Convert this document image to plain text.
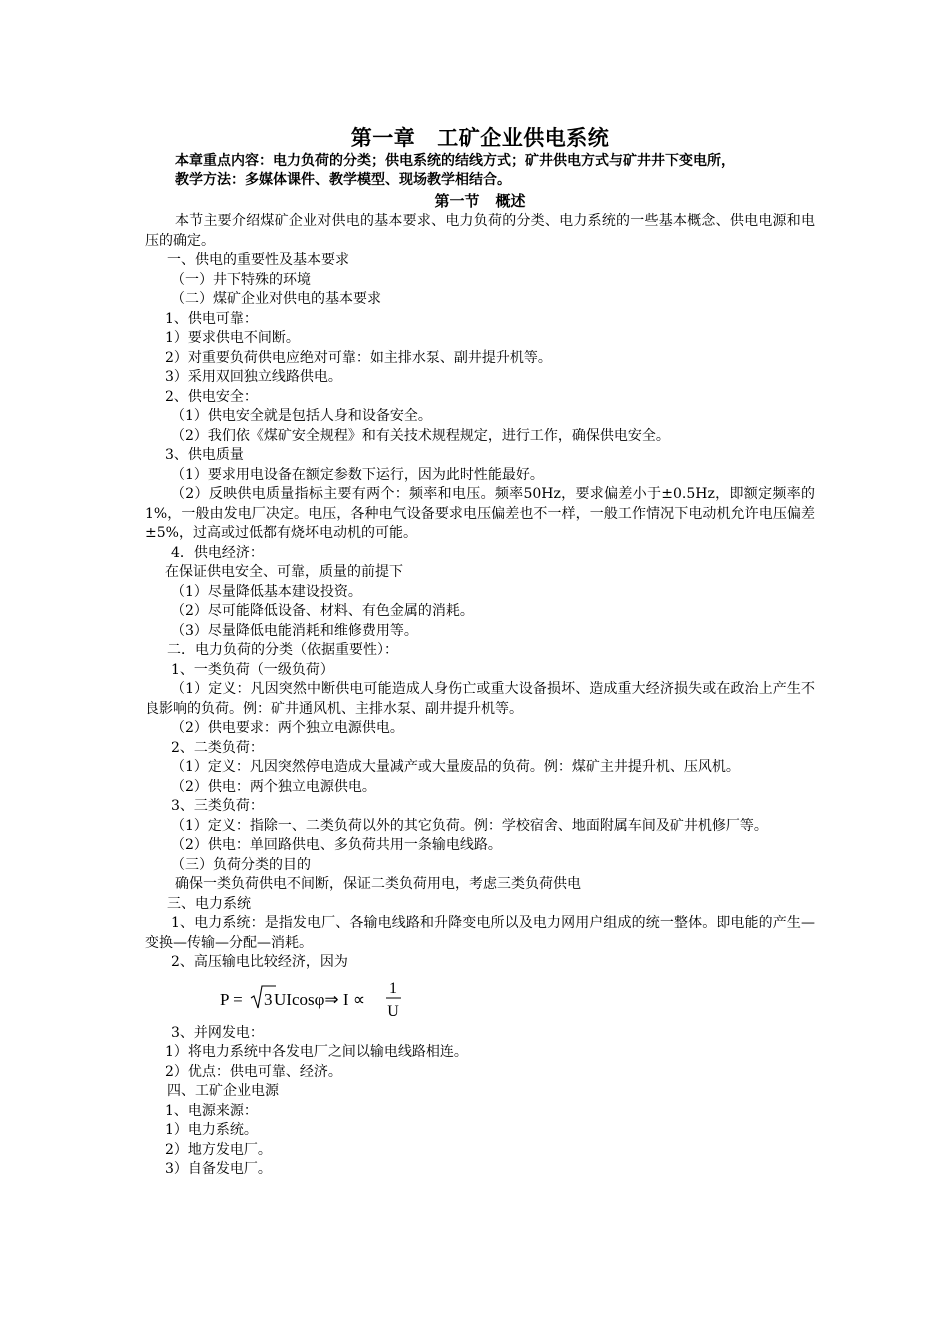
第一章 工矿企业供电系统

本章重点内容：电力负荷的分类；供电系统的结线方式；矿井供电方式与矿井井下变电所，

教学方法：多媒体课件、教学模型、现场教学相结合。

第一节 概述

本节主要介绍煤矿企业对供电的基本要求、电力负荷的分类、电力系统的一些基本概念、供电电源和电压的确定。

一、供电的重要性及基本要求

（一）井下特殊的环境

（二）煤矿企业对供电的基本要求

1、供电可靠：

1）要求供电不间断。

2）对重要负荷供电应绝对可靠：如主排水泵、副井提升机等。

3）采用双回独立线路供电。

2、供电安全：

（1）供电安全就是包括人身和设备安全。

（2）我们依《煤矿安全规程》和有关技术规程规定，进行工作，确保供电安全。

3、供电质量

（1）要求用电设备在额定参数下运行，因为此时性能最好。

（2）反映供电质量指标主要有两个：频率和电压。频率50Hz，要求偏差小于±0.5Hz，即额定频率的1%，一般由发电厂决定。电压，各种电气设备要求电压偏差也不一样，一般工作情况下电动机允许电压偏差±5%，过高或过低都有烧坏电动机的可能。

4．供电经济：

在保证供电安全、可靠，质量的前提下

（1）尽量降低基本建设投资。

（2）尽可能降低设备、材料、有色金属的消耗。

（3）尽量降低电能消耗和维修费用等。

二．电力负荷的分类（依据重要性）：

1、一类负荷（一级负荷）

（1）定义：凡因突然中断供电可能造成人身伤亡或重大设备损坏、造成重大经济损失或在政治上产生不良影响的负荷。例：矿井通风机、主排水泵、副井提升机等。

（2）供电要求：两个独立电源供电。

2、二类负荷：

（1）定义：凡因突然停电造成大量减产或大量废品的负荷。例：煤矿主井提升机、压风机。

（2）供电：两个独立电源供电。

3、三类负荷：

（1）定义：指除一、二类负荷以外的其它负荷。例：学校宿舍、地面附属车间及矿井机修厂等。

（2）供电：单回路供电、多负荷共用一条输电线路。

（三）负荷分类的目的

确保一类负荷供电不间断，保证二类负荷用电，考虑三类负荷供电

三、电力系统

1、电力系统：是指发电厂、各输电线路和升降变电所以及电力网用户组成的统一整体。即电能的产生—变换—传输—分配—消耗。

2、高压输电比较经济，因为

P = 3 UIcosφ⇒ I ∝
1
U

3、并网发电：

1）将电力系统中各发电厂之间以输电线路相连。

2）优点：供电可靠、经济。

四、工矿企业电源

1、电源来源：

1）电力系统。

2）地方发电厂。

3）自备发电厂。
